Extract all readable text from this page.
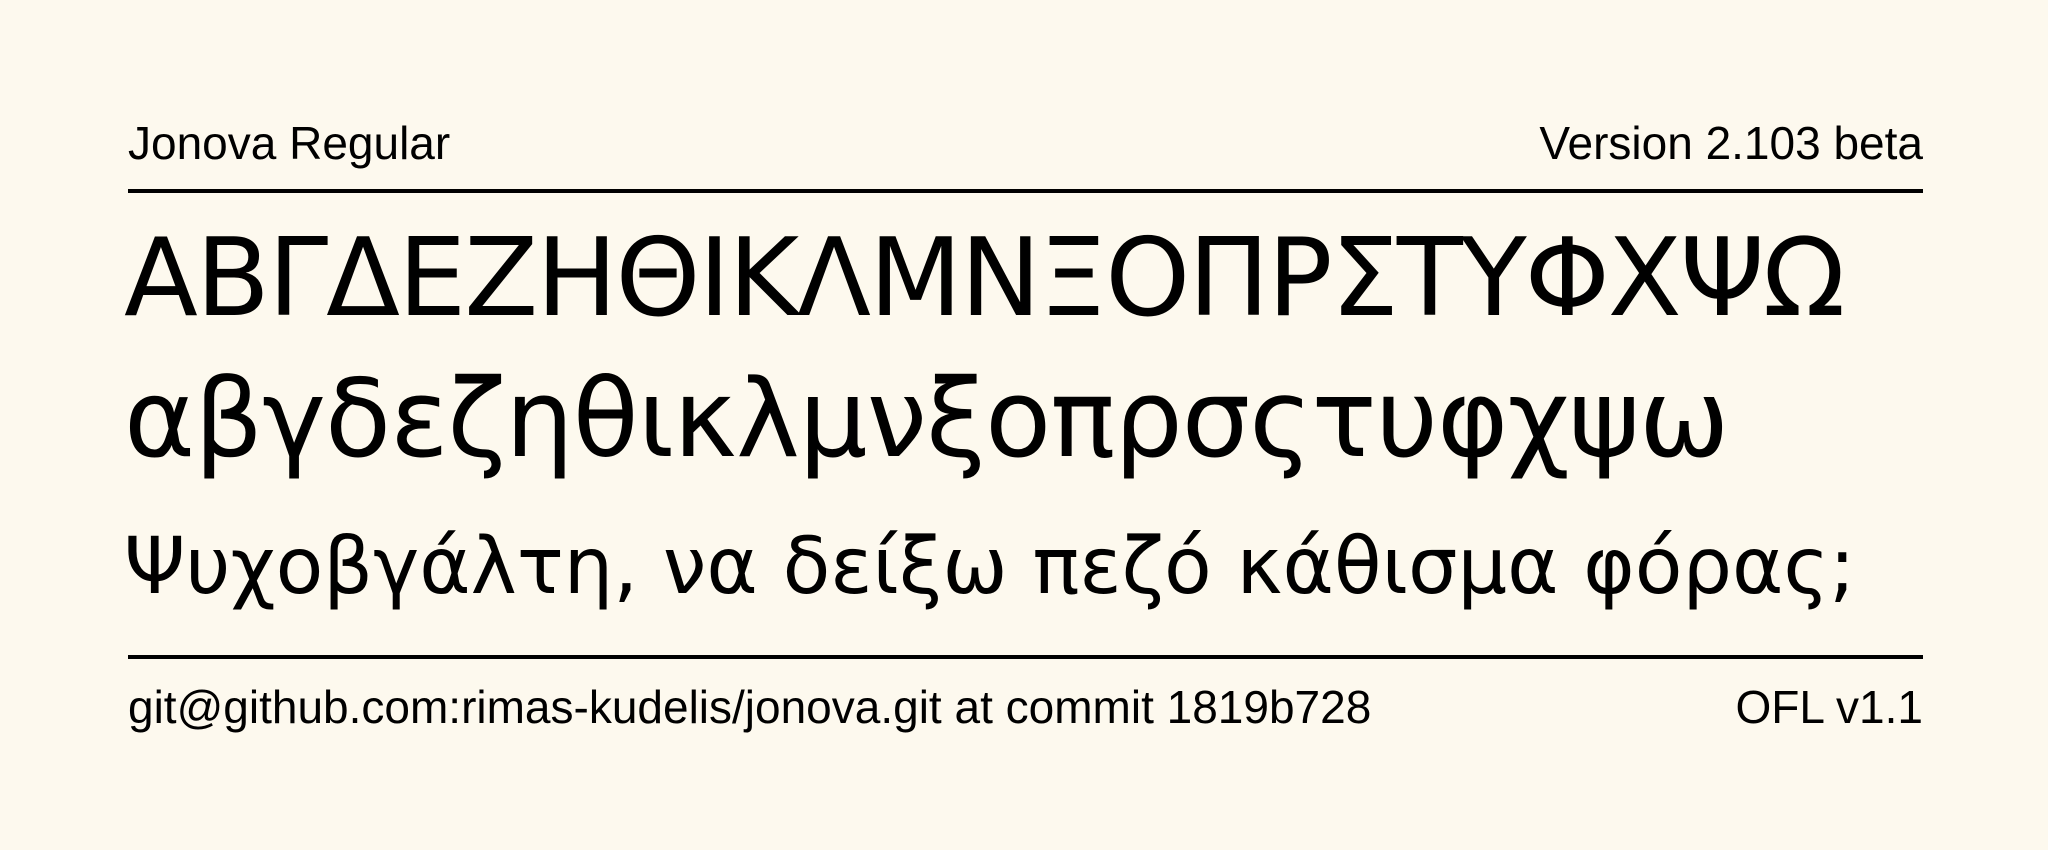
Jonova Regular	Version 2.103 beta
ΑΒΓΔΕΖΗΘΙΚΛΜΝΞΟΠΡΣΤΥΦΧΨΩ
αβγδεζηθικλμνξοπρσςτυφχψω
Ψυχοβγάλτη, να δείξω πεζό κάθισμα φόρας;
git@github.com:rimas-kudelis/jonova.git at commit 1819b728	OFL v1.1
